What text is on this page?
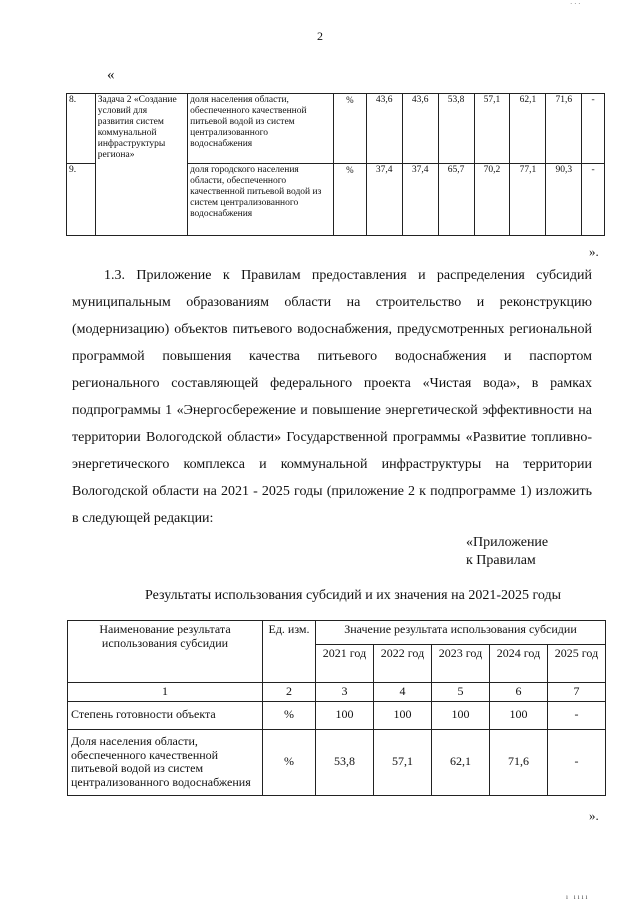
· · ·
2
«
8.	Задача 2 «Создание условий для развития систем коммунальной инфраструктуры региона»	доля населения области, обеспеченного качественной питьевой водой из систем централизованного водоснабжения	%	43,6	43,6	53,8	57,1	62,1	71,6	-
9.		доля городского населения области, обеспеченного качественной питьевой водой из систем централизованного водоснабжения	%	37,4	37,4	65,7	70,2	77,1	90,3	-
».

1.3. Приложение к Правилам предоставления и распределения субсидий муниципальным образованиям области на строительство и реконструкцию (модернизацию) объектов питьевого водоснабжения, предусмотренных региональной программой повышения качества питьевого водоснабжения и паспортом регионального составляющей федерального проекта «Чистая вода», в рамках подпрограммы 1 «Энергосбережение и повышение энергетической эффективности на территории Вологодской области» Государственной программы «Развитие топливно-энергетического комплекса и коммунальной инфраструктуры на территории Вологодской области на 2021 - 2025 годы (приложение 2 к подпрограмме 1) изложить в следующей редакции:

«Приложение
к Правилам
Результаты использования субсидий и их значения на 2021-2025 годы
Наименование результата использования субсидии	Ед. изм.	Значение результата использования субсидии				
		2021 год	2022 год	2023 год	2024 год	2025 год
1	2	3	4	5	6	7
Степень готовности объекта	%	100	100	100	100	-
Доля населения области, обеспеченного качественной питьевой водой из систем централизованного водоснабжения	%	53,8	57,1	62,1	71,6	-
».
ı ıııı
